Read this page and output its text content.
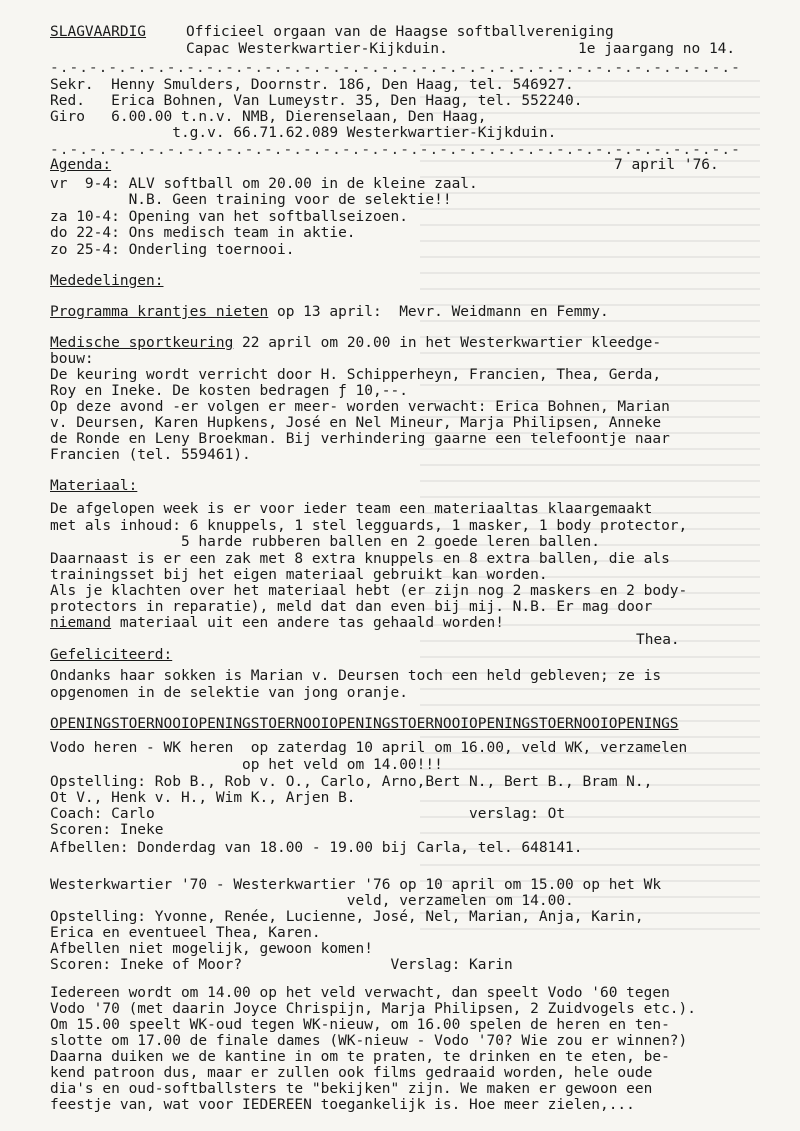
SLAGVAARDIG	Officieel orgaan van de Haagse softballvereniging
Capac Westerkwartier-Kijkduin.	1e jaargang no 14.
-.-.-.-.-.-.-.-.-.-.-.-.-.-.-.-.-.-.-.-.-.-.-.-.-.-.-.-.-.-.-.-.-.-.-.-
Sekr.  Henny Smulders, Doornstr. 186, Den Haag, tel. 546927.
Red.   Erica Bohnen, Van Lumeystr. 35, Den Haag, tel. 552240.
Giro   6.00.00 t.n.v. NMB, Dierenselaan, Den Haag,
t.g.v. 66.71.62.089 Westerkwartier-Kijkduin.
-.-.-.-.-.-.-.-.-.-.-.-.-.-.-.-.-.-.-.-.-.-.-.-.-.-.-.-.-.-.-.-.-.-.-.-
Agenda:	7 april '76.
vr  9-4: ALV softball om 20.00 in de kleine zaal.
N.B. Geen training voor de selektie!!
za 10-4: Opening van het softballseizoen.
do 22-4: Ons medisch team in aktie.
zo 25-4: Onderling toernooi.
Mededelingen:
Programma krantjes nieten op 13 april:  Mevr. Weidmann en Femmy.
Medische sportkeuring 22 april om 20.00 in het Westerkwartier kleedge-
bouw:
De keuring wordt verricht door H. Schipperheyn, Francien, Thea, Gerda,
Roy en Ineke. De kosten bedragen ƒ 10,--.
Op deze avond -er volgen er meer- worden verwacht: Erica Bohnen, Marian
v. Deursen, Karen Hupkens, José en Nel Mineur, Marja Philipsen, Anneke
de Ronde en Leny Broekman. Bij verhindering gaarne een telefoontje naar
Francien (tel. 559461).
Materiaal:
De afgelopen week is er voor ieder team een materiaaltas klaargemaakt
met als inhoud: 6 knuppels, 1 stel legguards, 1 masker, 1 body protector,
5 harde rubberen ballen en 2 goede leren ballen.
Daarnaast is er een zak met 8 extra knuppels en 8 extra ballen, die als
trainingsset bij het eigen materiaal gebruikt kan worden.
Als je klachten over het materiaal hebt (er zijn nog 2 maskers en 2 body-
protectors in reparatie), meld dat dan even bij mij. N.B. Er mag door
niemand materiaal uit een andere tas gehaald worden!
Thea.
Gefeliciteerd:
Ondanks haar sokken is Marian v. Deursen toch een held gebleven; ze is
opgenomen in de selektie van jong oranje.
OPENINGSTOERNOOIOPENINGSTOERNOOIOPENINGSTOERNOOIOPENINGSTOERNOOIOPENINGS
Vodo heren - WK heren  op zaterdag 10 april om 16.00, veld WK, verzamelen
op het veld om 14.00!!!
Opstelling: Rob B., Rob v. O., Carlo, Arno,Bert N., Bert B., Bram N.,
Ot V., Henk v. H., Wim K., Arjen B.
Coach: Carlo                                    verslag: Ot
Scoren: Ineke
Afbellen: Donderdag van 18.00 - 19.00 bij Carla, tel. 648141.
Westerkwartier '70 - Westerkwartier '76 op 10 april om 15.00 op het Wk
veld, verzamelen om 14.00.
Opstelling: Yvonne, Renée, Lucienne, José, Nel, Marian, Anja, Karin,
Erica en eventueel Thea, Karen.
Afbellen niet mogelijk, gewoon komen!
Scoren: Ineke of Moor?                 Verslag: Karin
Iedereen wordt om 14.00 op het veld verwacht, dan speelt Vodo '60 tegen
Vodo '70 (met daarin Joyce Chrispijn, Marja Philipsen, 2 Zuidvogels etc.).
Om 15.00 speelt WK-oud tegen WK-nieuw, om 16.00 spelen de heren en ten-
slotte om 17.00 de finale dames (WK-nieuw - Vodo '70? Wie zou er winnen?)
Daarna duiken we de kantine in om te praten, te drinken en te eten, be-
kend patroon dus, maar er zullen ook films gedraaid worden, hele oude
dia's en oud-softballsters te "bekijken" zijn. We maken er gewoon een
feestje van, wat voor IEDEREEN toegankelijk is. Hoe meer zielen,...
